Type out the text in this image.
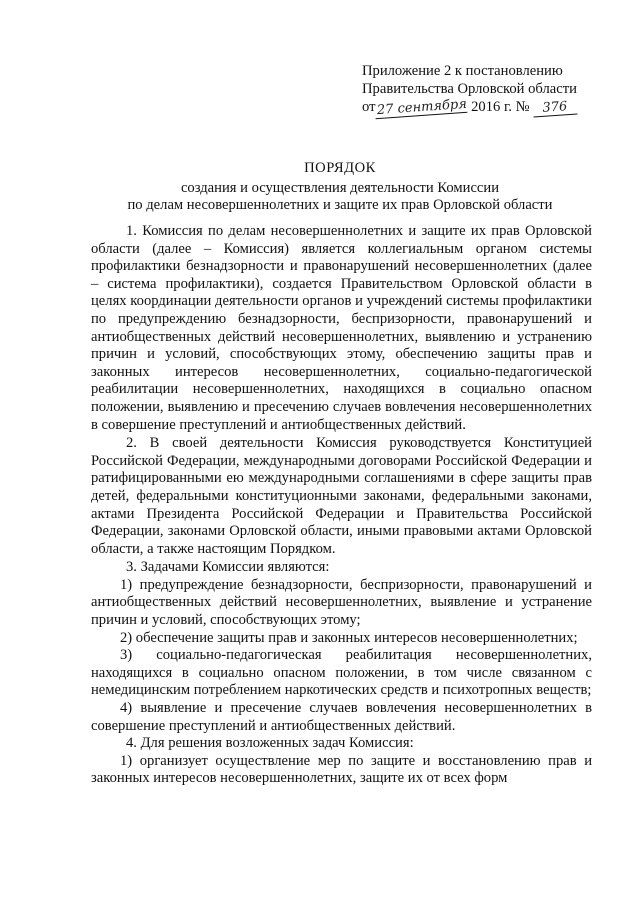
Приложение 2 к постановлению
Правительства Орловской области
от 27 сентября 2016 г. № 376
ПОРЯДОК
создания и осуществления деятельности Комиссии
по делам несовершеннолетних и защите их прав Орловской области

1. Комиссия по делам несовершеннолетних и защите их прав Орловской области (далее – Комиссия) является коллегиальным органом системы профилактики безнадзорности и правонарушений несовершеннолетних (далее – система профилактики), создается Правительством Орловской области в целях координации деятельности органов и учреждений системы профилактики по предупреждению безнадзорности, беспризорности, правонарушений и антиобщественных действий несовершеннолетних, выявлению и устранению причин и условий, способствующих этому, обеспечению защиты прав и законных интересов несовершеннолетних, социально-педагогической реабилитации несовершеннолетних, находящихся в социально опасном положении, выявлению и пресечению случаев вовлечения несовершеннолетних в совершение преступлений и антиобщественных действий.

2. В своей деятельности Комиссия руководствуется Конституцией Российской Федерации, международными договорами Российской Федерации и ратифицированными ею международными соглашениями в сфере защиты прав детей, федеральными конституционными законами, федеральными законами, актами Президента Российской Федерации и Правительства Российской Федерации, законами Орловской области, иными правовыми актами Орловской области, а также настоящим Порядком.

3. Задачами Комиссии являются:

1) предупреждение безнадзорности, беспризорности, правонарушений и антиобщественных действий несовершеннолетних, выявление и устранение причин и условий, способствующих этому;

2) обеспечение защиты прав и законных интересов несовершеннолетних;

3) социально-педагогическая реабилитация несовершеннолетних, находящихся в социально опасном положении, в том числе связанном с немедицинским потреблением наркотических средств и психотропных веществ;

4) выявление и пресечение случаев вовлечения несовершеннолетних в совершение преступлений и антиобщественных действий.

4. Для решения возложенных задач Комиссия:

1) организует осуществление мер по защите и восстановлению прав и законных интересов несовершеннолетних, защите их от всех форм
